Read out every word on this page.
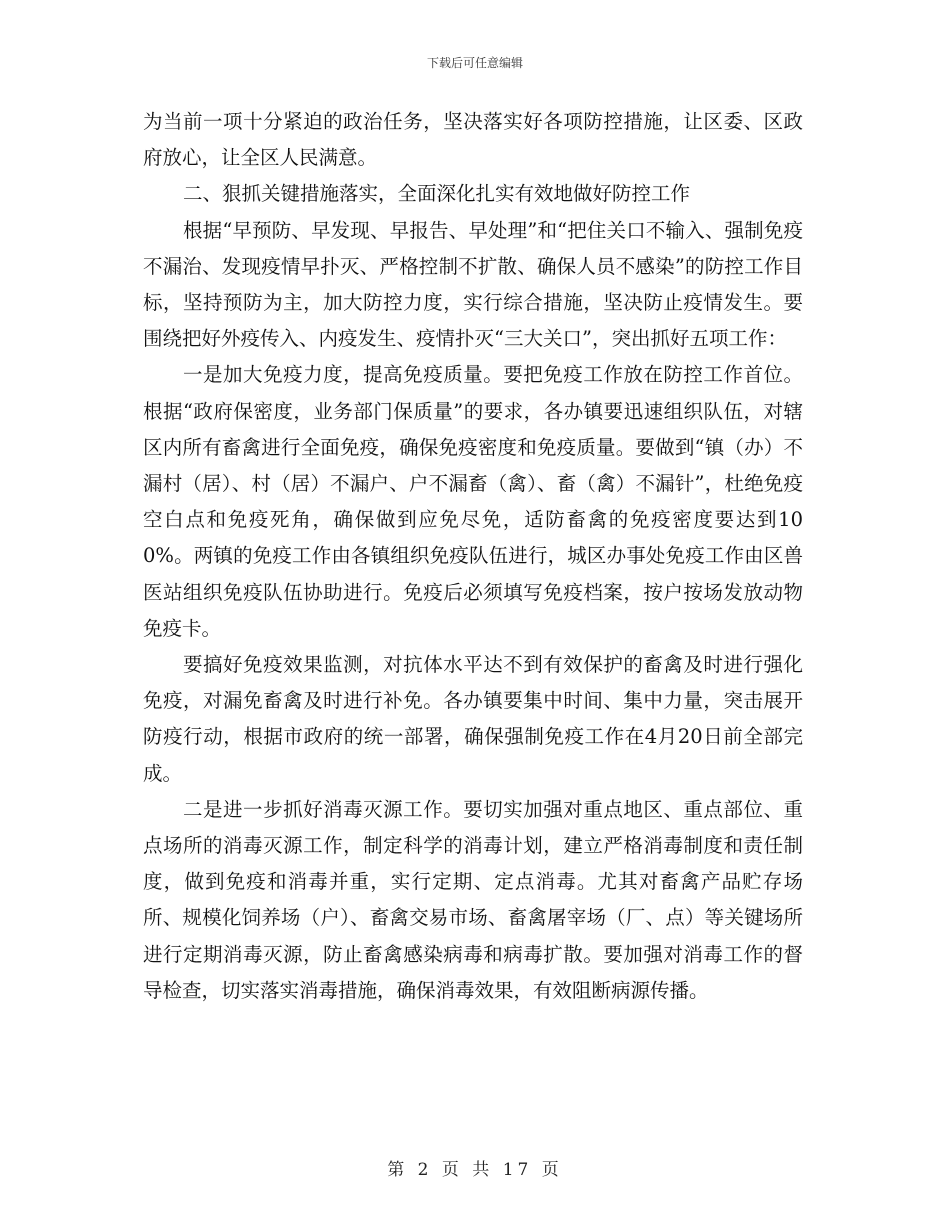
下载后可任意编辑

为当前一项十分紧迫的政治任务，坚决落实好各项防控措施，让区委、区政府放心，让全区人民满意。

二、狠抓关键措施落实，全面深化扎实有效地做好防控工作

根据“早预防、早发现、早报告、早处理”和“把住关口不输入、强制免疫不漏治、发现疫情早扑灭、严格控制不扩散、确保人员不感染”的防控工作目标，坚持预防为主，加大防控力度，实行综合措施，坚决防止疫情发生。要围绕把好外疫传入、内疫发生、疫情扑灭“三大关口”，突出抓好五项工作：

一是加大免疫力度，提高免疫质量。要把免疫工作放在防控工作首位。根据“政府保密度，业务部门保质量”的要求，各办镇要迅速组织队伍，对辖区内所有畜禽进行全面免疫，确保免疫密度和免疫质量。要做到“镇（办）不漏村（居）、村（居）不漏户、户不漏畜（禽）、畜（禽）不漏针”，杜绝免疫空白点和免疫死角，确保做到应免尽免，适防畜禽的免疫密度要达到100%。两镇的免疫工作由各镇组织免疫队伍进行，城区办事处免疫工作由区兽医站组织免疫队伍协助进行。免疫后必须填写免疫档案，按户按场发放动物免疫卡。

要搞好免疫效果监测，对抗体水平达不到有效保护的畜禽及时进行强化免疫，对漏免畜禽及时进行补免。各办镇要集中时间、集中力量，突击展开防疫行动，根据市政府的统一部署，确保强制免疫工作在4月20日前全部完成。

二是进一步抓好消毒灭源工作。要切实加强对重点地区、重点部位、重点场所的消毒灭源工作，制定科学的消毒计划，建立严格消毒制度和责任制度，做到免疫和消毒并重，实行定期、定点消毒。尤其对畜禽产品贮存场所、规模化饲养场（户）、畜禽交易市场、畜禽屠宰场（厂、点）等关键场所进行定期消毒灭源，防止畜禽感染病毒和病毒扩散。要加强对消毒工作的督导检查，切实落实消毒措施，确保消毒效果，有效阻断病源传播。

第 2 页 共 17 页
